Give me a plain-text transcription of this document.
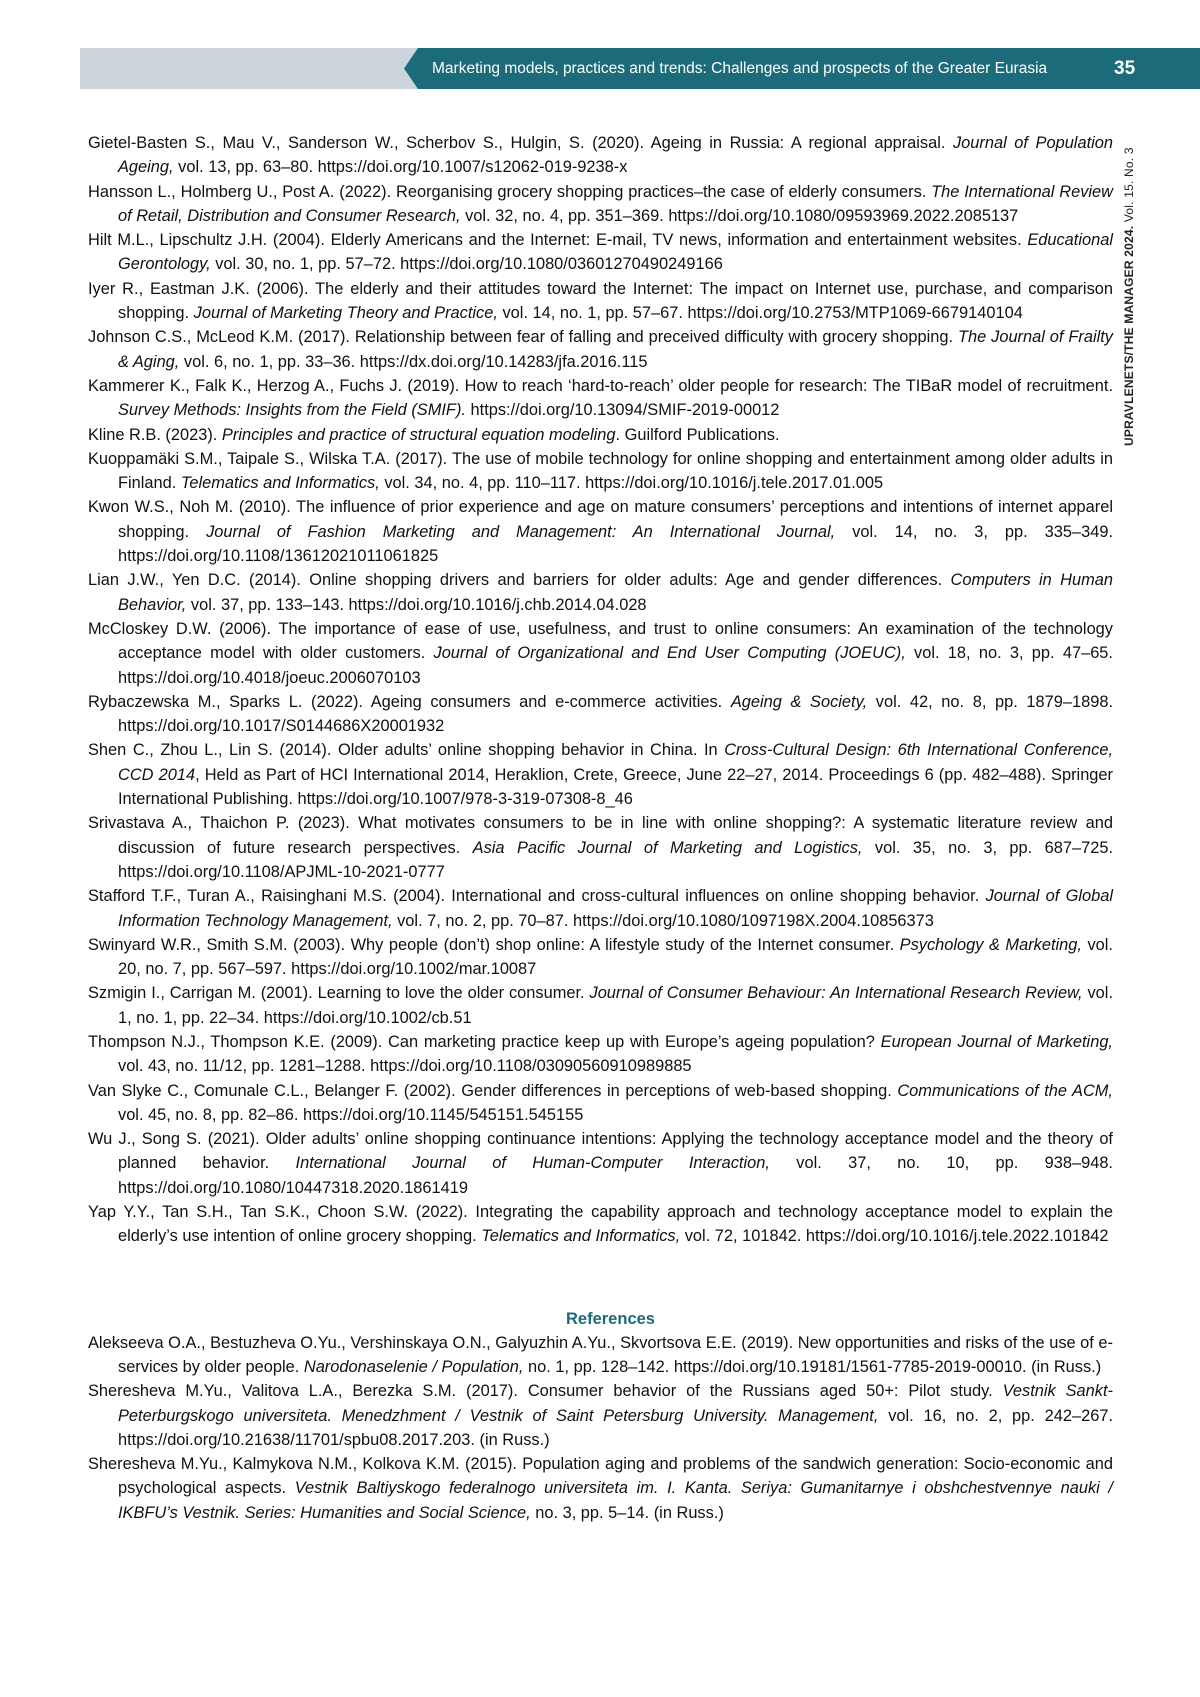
Marketing models, practices and trends: Challenges and prospects of the Greater Eurasia	35
UPRAVLENETS/THE MANAGER 2024. Vol. 15. No. 3
Gietel-Basten S., Mau V., Sanderson W., Scherbov S., Hulgin, S. (2020). Ageing in Russia: A regional appraisal. Journal of Population Ageing, vol. 13, pp. 63–80. https://doi.org/10.1007/s12062-019-9238-x
Hansson L., Holmberg U., Post A. (2022). Reorganising grocery shopping practices–the case of elderly consumers. The International Review of Retail, Distribution and Consumer Research, vol. 32, no. 4, pp. 351–369. https://doi.org/10.1080/09593969.2022.2085137
Hilt M.L., Lipschultz J.H. (2004). Elderly Americans and the Internet: E-mail, TV news, information and entertainment websites. Educational Gerontology, vol. 30, no. 1, pp. 57–72. https://doi.org/10.1080/03601270490249166
Iyer R., Eastman J.K. (2006). The elderly and their attitudes toward the Internet: The impact on Internet use, purchase, and comparison shopping. Journal of Marketing Theory and Practice, vol. 14, no. 1, pp. 57–67. https://doi.org/10.2753/MTP1069-6679140104
Johnson C.S., McLeod K.M. (2017). Relationship between fear of falling and preceived difficulty with grocery shopping. The Journal of Frailty & Aging, vol. 6, no. 1, pp. 33–36. https://dx.doi.org/10.14283/jfa.2016.115
Kammerer K., Falk K., Herzog A., Fuchs J. (2019). How to reach ‘hard-to-reach’ older people for research: The TIBaR model of recruitment. Survey Methods: Insights from the Field (SMIF). https://doi.org/10.13094/SMIF-2019-00012
Kline R.B. (2023). Principles and practice of structural equation modeling. Guilford Publications.
Kuoppamäki S.M., Taipale S., Wilska T.A. (2017). The use of mobile technology for online shopping and entertainment among older adults in Finland. Telematics and Informatics, vol. 34, no. 4, pp. 110–117. https://doi.org/10.1016/j.tele.2017.01.005
Kwon W.S., Noh M. (2010). The influence of prior experience and age on mature consumers’ perceptions and intentions of internet apparel shopping. Journal of Fashion Marketing and Management: An International Journal, vol. 14, no. 3, pp. 335–349. https://doi.org/10.1108/13612021011061825
Lian J.W., Yen D.C. (2014). Online shopping drivers and barriers for older adults: Age and gender differences. Computers in Human Behavior, vol. 37, pp. 133–143. https://doi.org/10.1016/j.chb.2014.04.028
McCloskey D.W. (2006). The importance of ease of use, usefulness, and trust to online consumers: An examination of the technology acceptance model with older customers. Journal of Organizational and End User Computing (JOEUC), vol. 18, no. 3, pp. 47–65. https://doi.org/10.4018/joeuc.2006070103
Rybaczewska M., Sparks L. (2022). Ageing consumers and e-commerce activities. Ageing & Society, vol. 42, no. 8, pp. 1879–1898. https://doi.org/10.1017/S0144686X20001932
Shen C., Zhou L., Lin S. (2014). Older adults’ online shopping behavior in China. In Cross-Cultural Design: 6th International Conference, CCD 2014, Held as Part of HCI International 2014, Heraklion, Crete, Greece, June 22–27, 2014. Proceedings 6 (pp. 482–488). Springer International Publishing. https://doi.org/10.1007/978-3-319-07308-8_46
Srivastava A., Thaichon P. (2023). What motivates consumers to be in line with online shopping?: A systematic literature review and discussion of future research perspectives. Asia Pacific Journal of Marketing and Logistics, vol. 35, no. 3, pp. 687–725. https://doi.org/10.1108/APJML-10-2021-0777
Stafford T.F., Turan A., Raisinghani M.S. (2004). International and cross-cultural influences on online shopping behavior. Journal of Global Information Technology Management, vol. 7, no. 2, pp. 70–87. https://doi.org/10.1080/1097198X.2004.10856373
Swinyard W.R., Smith S.M. (2003). Why people (don’t) shop online: A lifestyle study of the Internet consumer. Psychology & Marketing, vol. 20, no. 7, pp. 567–597. https://doi.org/10.1002/mar.10087
Szmigin I., Carrigan M. (2001). Learning to love the older consumer. Journal of Consumer Behaviour: An International Research Review, vol. 1, no. 1, pp. 22–34. https://doi.org/10.1002/cb.51
Thompson N.J., Thompson K.E. (2009). Can marketing practice keep up with Europe’s ageing population? European Journal of Marketing, vol. 43, no. 11/12, pp. 1281–1288. https://doi.org/10.1108/03090560910989885
Van Slyke C., Comunale C.L., Belanger F. (2002). Gender differences in perceptions of web-based shopping. Communications of the ACM, vol. 45, no. 8, pp. 82–86. https://doi.org/10.1145/545151.545155
Wu J., Song S. (2021). Older adults’ online shopping continuance intentions: Applying the technology acceptance model and the theory of planned behavior. International Journal of Human-Computer Interaction, vol. 37, no. 10, pp. 938–948. https://doi.org/10.1080/10447318.2020.1861419
Yap Y.Y., Tan S.H., Tan S.K., Choon S.W. (2022). Integrating the capability approach and technology acceptance model to explain the elderly’s use intention of online grocery shopping. Telematics and Informatics, vol. 72, 101842. https://doi.org/10.1016/j.tele.2022.101842
References
Alekseeva O.A., Bestuzheva O.Yu., Vershinskaya O.N., Galyuzhin A.Yu., Skvortsova E.E. (2019). New opportunities and risks of the use of e-services by older people. Narodonaselenie / Population, no. 1, pp. 128–142. https://doi.org/10.19181/1561-7785-2019-00010. (in Russ.)
Sheresheva M.Yu., Valitova L.A., Berezka S.M. (2017). Consumer behavior of the Russians aged 50+: Pilot study. Vestnik Sankt-Peterburgskogo universiteta. Menedzhment / Vestnik of Saint Petersburg University. Management, vol. 16, no. 2, pp. 242–267. https://doi.org/10.21638/11701/spbu08.2017.203. (in Russ.)
Sheresheva M.Yu., Kalmykova N.M., Kolkova K.M. (2015). Population aging and problems of the sandwich generation: Socio-economic and psychological aspects. Vestnik Baltiyskogo federalnogo universiteta im. I. Kanta. Seriya: Gumanitarnye i obshchestvennye nauki / IKBFU’s Vestnik. Series: Humanities and Social Science, no. 3, pp. 5–14. (in Russ.)
